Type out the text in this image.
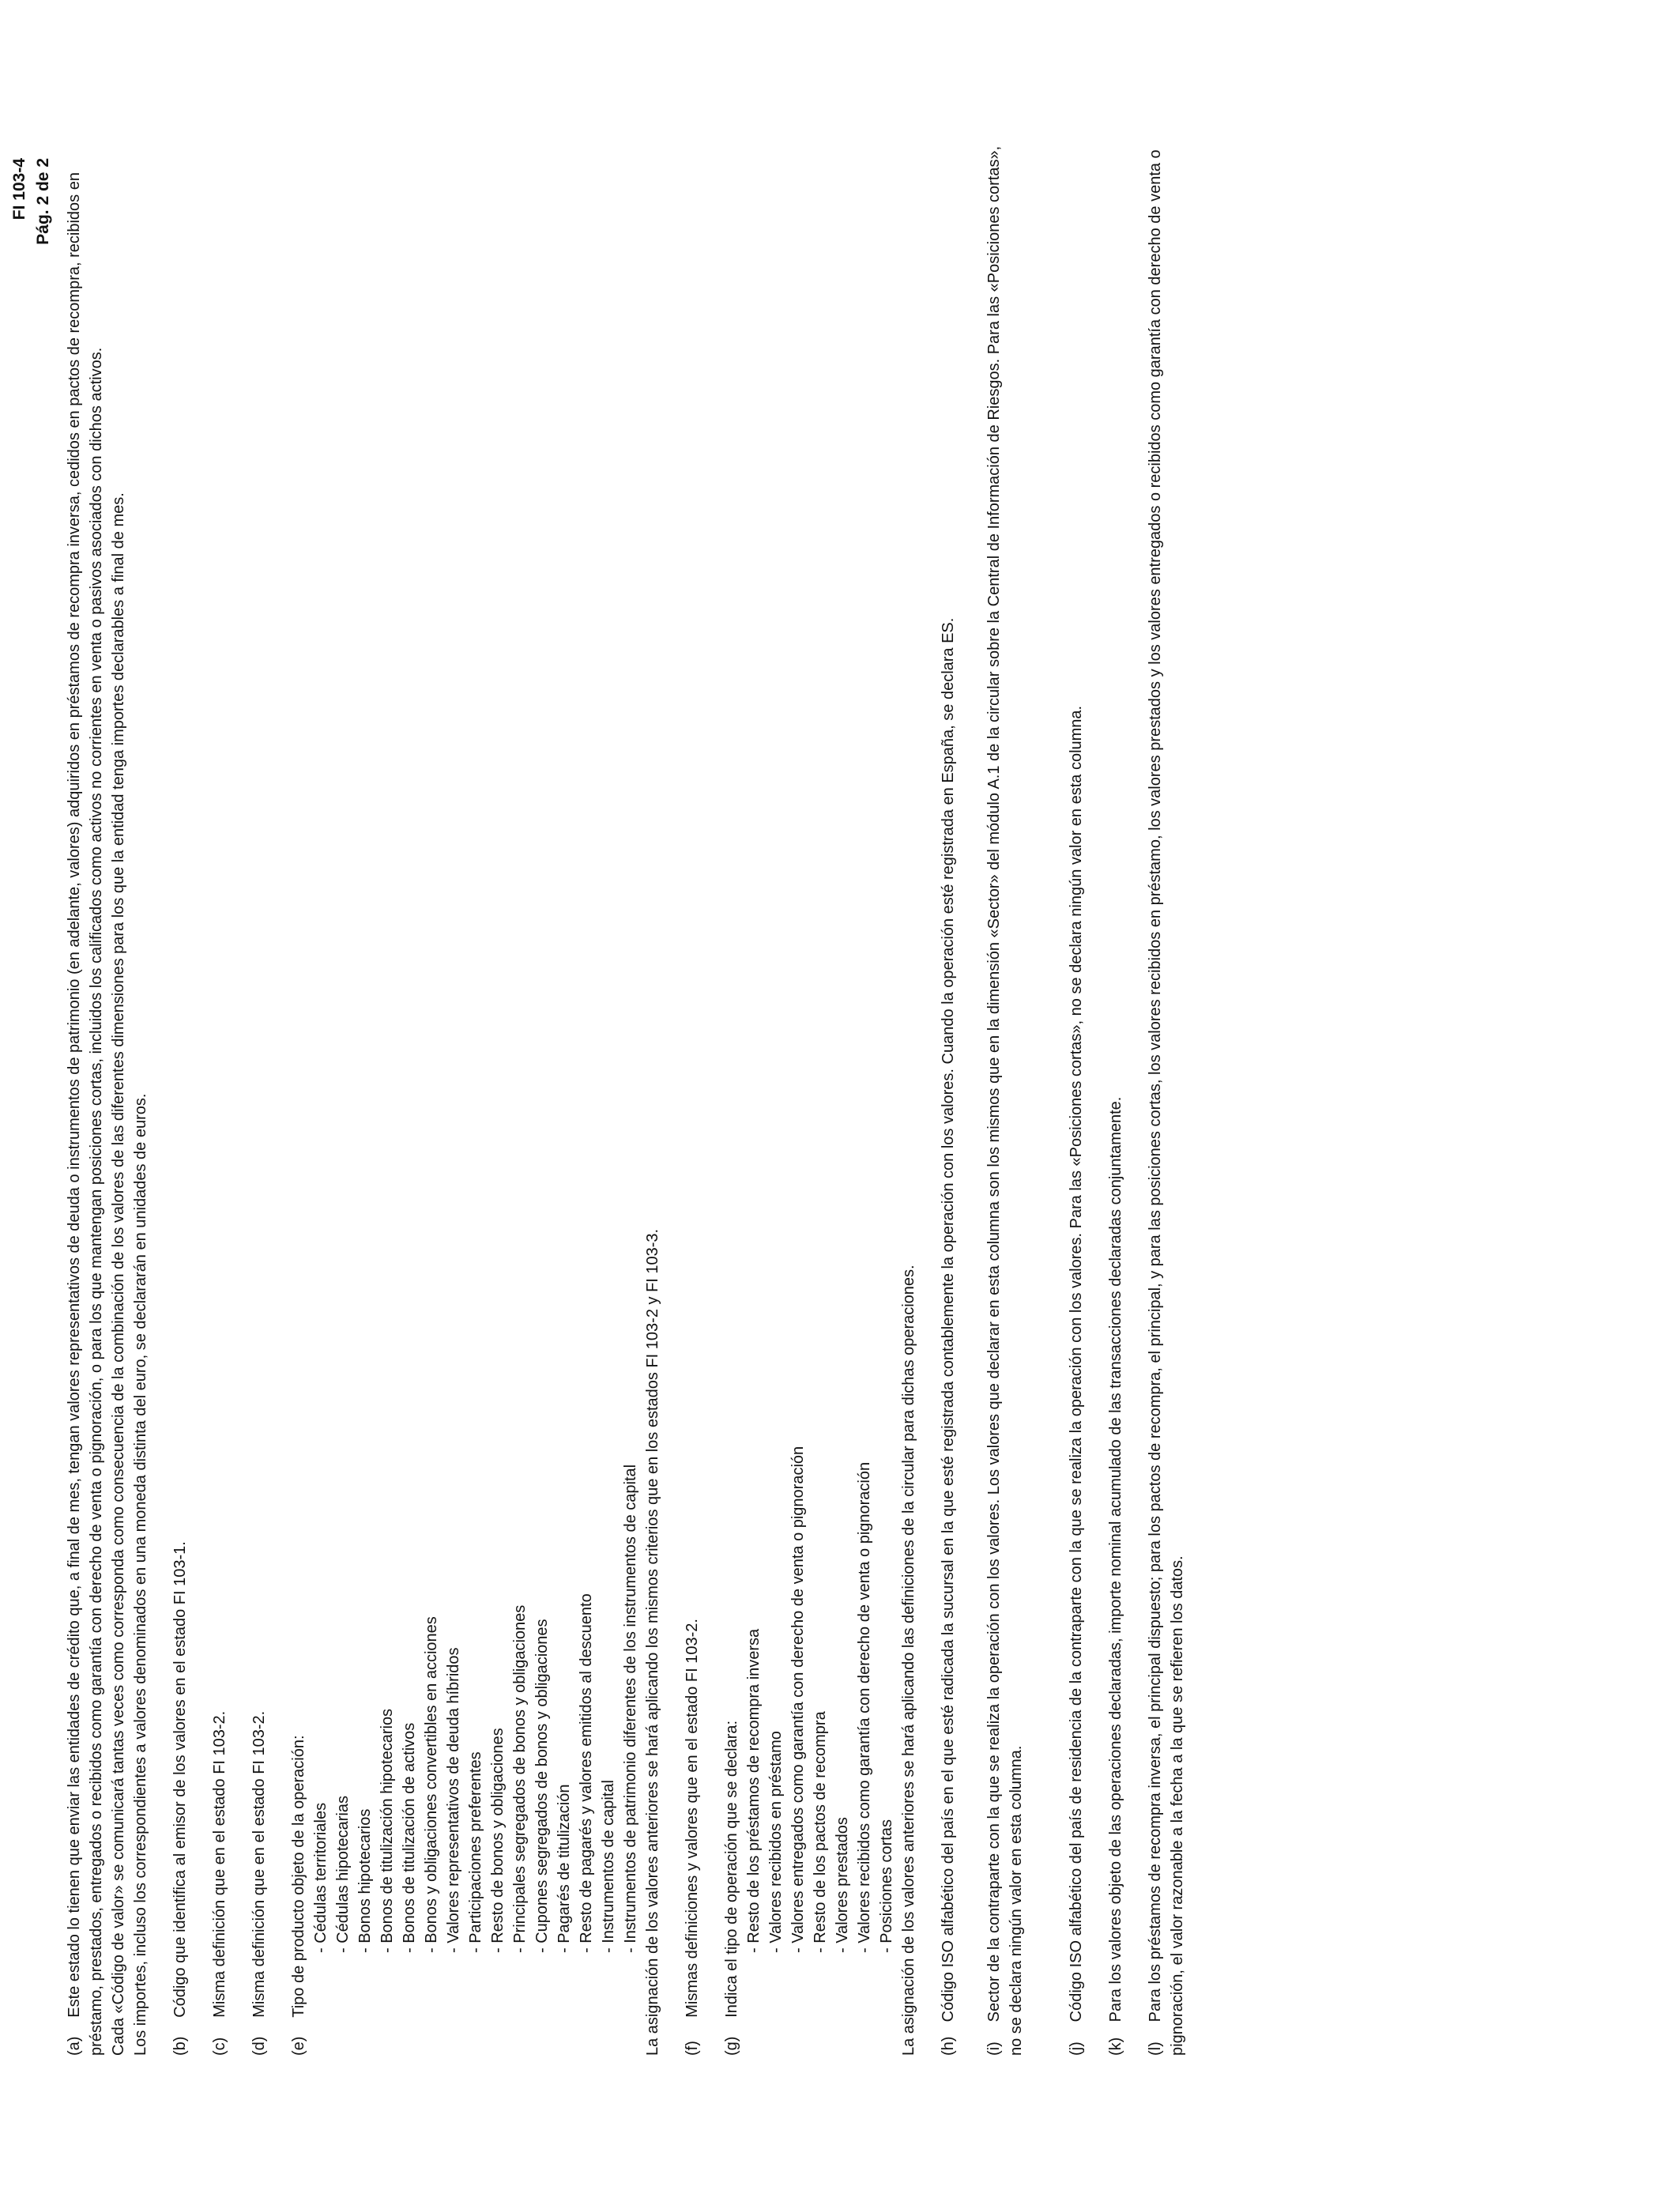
FI 103-4 Pág. 2 de 2
(a)    Este estado lo tienen que enviar las entidades de crédito que, a final de mes, tengan valores representativos de deuda o instrumentos de patrimonio (en adelante, valores) adquiridos en préstamos de recompra inversa, cedidos en pactos de recompra, recibidos en préstamo, prestados, entregados o recibidos como garantía con derecho de venta o pignoración, o para los que mantengan posiciones cortas, incluidos los calificados como activos no corrientes en venta o pasivos asociados con dichos activos. Cada «Código de valor» se comunicará tantas veces como corresponda como consecuencia de la combinación de los valores de las diferentes dimensiones para los que la entidad tenga importes declarables a final de mes. Los importes, incluso los correspondientes a valores denominados en una moneda distinta del euro, se declararán en unidades de euros. (b)    Código que identifica al emisor de los valores en el estado FI 103-1.
(c)    Misma definición que en el estado FI 103-2.
(d)    Misma definición que en el estado FI 103-2.
(e)    Tipo de producto objeto de la operación: - Cédulas territoriales - Cédulas hipotecarias - Bonos hipotecarios - Bonos de titulización hipotecarios - Bonos de titulización de activos - Bonos y obligaciones convertibles en acciones - Valores representativos de deuda híbridos - Participaciones preferentes - Resto de bonos y obligaciones - Principales segregados de bonos y obligaciones - Cupones segregados de bonos y obligaciones - Pagarés de titulización - Resto de pagarés y valores emitidos al descuento - Instrumentos de capital - Instrumentos de patrimonio diferentes de los instrumentos de capital La asignación de los valores anteriores se hará aplicando los mismos criterios que en los estados FI 103-2 y FI 103-3. (f)    Mismas definiciones y valores que en el estado FI 103-2.
(g)    Indica el tipo de operación que se declara: - Resto de los préstamos de recompra inversa - Valores recibidos en préstamo - Valores entregados como garantía con derecho de venta o pignoración - Resto de los pactos de recompra - Valores prestados - Valores recibidos como garantía con derecho de venta o pignoración - Posiciones cortas La asignación de los valores anteriores se hará aplicando las definiciones de la circular para dichas operaciones. (h)   Código ISO alfabético del país en el que esté radicada la sucursal en la que esté registrada contablemente la operación con los valores. Cuando la operación esté registrada en España, se declara ES.
(i)   Sector de la contraparte con la que se realiza la operación con los valores. Los valores que declarar en esta columna son los mismos que en la dimensión «Sector» del módulo A.1 de la circular sobre la Central de Información de Riesgos. Para las «Posiciones cortas», no se declara ningún valor en esta columna.	(j)   Código ISO alfabético del país de residencia de la contraparte con la que se realiza la operación con los valores. Para las «Posiciones cortas», no se declara ningún valor en esta columna.
(k)   Para los valores objeto de las operaciones declaradas, importe nominal acumulado de las transacciones declaradas conjuntamente.
(l)   Para los préstamos de recompra inversa, el principal dispuesto; para los pactos de recompra, el principal, y para las posiciones cortas, los valores recibidos en préstamo, los valores prestados y los valores entregados o recibidos como garantía con derecho de venta o pignoración, el valor razonable a la fecha a la que se refieren los datos.
